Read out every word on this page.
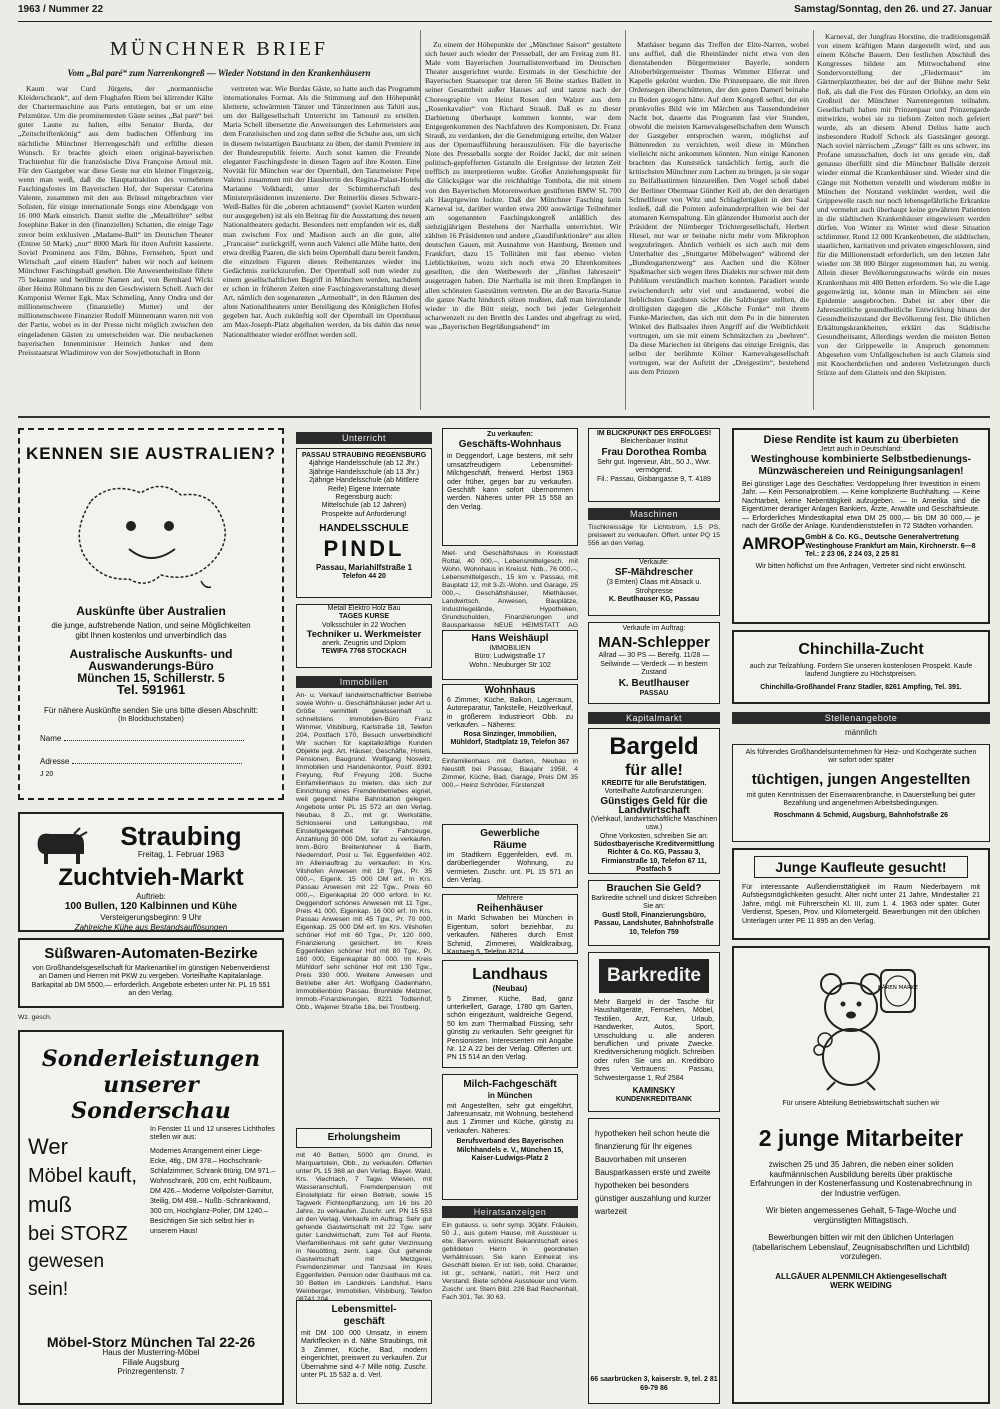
1963 / Nummer 22	Samstag/Sonntag, den 26. und 27. Januar
MÜNCHNER BRIEF
Vom „Bal paré“ zum Narrenkongreß — Wieder Notstand in den Krankenhäusern

Kaum war Curd Jürgens, der „normannische Kleiderschrank“, auf dem Flughafen Riem bei klirrender Kälte der Chartermaschine aus Paris entstiegen, bat er um eine Pelzmütze. Um die prominentesten Gäste seines „Bal paré“ bei guter Laune zu halten, eilte Senator Burda, der „Zeitschriftenkönig“ aus dem badischen Offenburg ins nächtliche Münchner Herrengeschäft und erfüllte diesen Wunsch. Er brachte gleich einen original-bayerischen Trachtenhut für die französische Diva Françoise Arnoul mit. Für den Gastgeber war diese Geste nur ein kleiner Fingerzeig, wenn man weiß, daß die Hauptattraktion des vornehmen Faschingsfestes im Bayerischen Hof, der Superstar Caterina Valente, zusammen mit den aus Brüssel mitgebrachten vier Solisten, für einige internationale Songs eine Abendgage von 16 000 Mark einstrich. Damit stellte die „Metallröhre“ selbst Josephine Baker in den (finanziellen) Schatten, die einige Tage zuvor beim exklusiven „Madame-Ball“ im Deutschen Theater (Entree 50 Mark) „nur“ 8000 Mark für ihren Auftritt kassierte. Soviel Prominenz aus Film, Bühne, Fernsehen, Sport und Wirtschaft „auf einem Haufen“ haben wir noch auf keinem Münchner Faschingsball gesehen. Die Anwesenheitsliste führte 75 bekannte und berühmte Namen auf, von Bernhard Wicki über Heinz Rühmann bis zu den Geschwistern Schell. Auch der Komponist Werner Egk, Max Schmeling, Anny Ondra und der millionenschwere (finanzielle) Mutter) und der millionenschwere Finanzier Rudolf Münnemann waren mit von der Partie, wobei es in der Presse nicht möglich zwischen den eingeladenen Gästen zu unterscheiden war. Die neubackenen bayerischen Innenminister Heinrich Junker und dem Preisstaatsrat Wladimirow von der Sowjetbotschaft in Bonn

vertreten war. Wie Burdas Gäste, so hatte auch das Programm internationales Format. Als die Stimmung auf den Höhepunkt kletterte, schwärmten Tänzer und Tänzerinnen aus Tahiti aus, um der Ballgesellschaft Unterricht im Tamouré zu erteilen. Maria Schell übersetzte die Anweisungen des Lehrmeisters aus dem Französischen und zog dann selbst die Schuhe aus, um sich in diesem twistartigen Bauchtanz zu üben, der damit Premiere in der Bundesrepublik feierte. Auch sonst kamen die Freunde eleganter Faschingsfeste in diesen Tagen auf ihre Kosten. Eine Novität für München war der Opernball, den Tanzmeister Pepe Valenci zusammen mit der Hausherrin des Regina-Palast-Hotels Marianne Volkhardt, unter der Schirmherrschaft des Ministerpräsidenten inszenierte. Der Reinerlös dieses Schwarz-Weiß-Balles für die „oberen achttausend“ (soviel Karten wurden nur ausgegeben) ist als ein Beitrag für die Ausstattung des neuen Nationaltheaters gedacht. Besonders nett empfanden wir es, daß man zwischen Fox und Madison auch an die gute, alte „Francaise“ zurückgriff, wenn auch Valenci alle Mühe hatte, den etwa dreißig Paaren, die sich beim Opernball dazu bereit fanden, die einzelnen Figuren dieses Reihentanzes wieder ins Gedächtnis zurückzurufen. Der Opernball soll nun wieder zu einem gesellschaftlichen Begriff in München werden, nachdem er schon in früheren Zeiten eine Faschingsveranstaltung dieser Art, nämlich den sogenannten „Armenball“, in den Räumen des alten Nationaltheaters unter Beteiligung des Königlichen Hofes gegeben hat. Auch zukünftig soll der Opernball im Opernhaus am Max-Joseph-Platz abgehalten werden, da bis dahin das neue Nationaltheater wieder eröffnet werden soll.

Zu einem der Höhepunkte der „Münchner Saison“ gestaltete sich heuer auch wieder der Presseball, der am Freitag zum 81. Male vom Bayerischen Journalistenverband im Deutschen Theater ausgerichtet wurde. Erstmals in der Geschichte der Bayerischen Staatsoper trat deren 56 Beine starkes Ballett in seiner Gesamtheit außer Hauses auf und tanzte nach der Choreographie von Heinz Rosen den Walzer aus dem „Rosenkavalier“ von Richard Strauß. Daß es zu dieser Darbietung überhaupt kommen konnte, war dem Entgegenkommen des Nachfahren des Komponisten, Dr. Franz Strauß, zu verdanken, der die Genehmigung erteilte, den Walzer aus der Opernaufführung herauszulösen. Für die bayerische Note des Presseballs sorgte der Roider Jackl, der mit seinen politisch-gepfefferten Gstanzln die Ereignisse der letzten Zeit trefflich zu interpretieren wußte. Großer Anziehungspunkt für die Glücksjäger war die reichhaltige Tombola, die mit einem von den Bayerischen Motorenwerken gestifteten BMW SL 700 als Hauptgewinn lockte. Daß der Münchner Fasching kein Karneval ist, darüber wurden etwa 200 auswärtige Teilnehmer am sogenannten Faschingskongreß anläßlich des siebzigjährigen Bestehens der Narrhalla unterrichtet. Wir zählten 16 Präsidenten und andere „Gaudifunktionäre“ aus allen deutschen Gauen, mit Ausnahme von Hamburg, Bremen und Frankfurt, dazu 15 Tollitäten mit fast ebenso vielen Lieblichkeiten, wozu sich noch etwa 20 Ehrenkomitees gesellten, die den Wettbewerb der „fünften Jahreszeit“ ausgetragen haben. Die Narrhalla ist mit ihren Empfängen in allen schönsten Gaststätten vertreten. Die an der Bavaria-Statue die ganze Nacht hindurch sitzen mußten, daß man hierzulande wieder in die Bütt steigt, noch bei jeder Gelegenheit scharwenzelt zu den Brettln des Landes und abgefragt zu wird, was „Bayerischen Begrüßungsabend“ im

Mathäser begann das Treffen der Elite-Narren, wobei uns auffiel, daß die Rheinländer nicht etwa von den dienstabenden Bürgermeister Bayerle, sondern Altoberbürgermeister Thomas Wimmer Elferrat und Kapelle gekrönt wurden. Die Prinzenpaare, die mit ihren Ordensegen überschütteten, der den guten Damerl beinahe zu Boden gezogen hätte. Auf dem Kongreß selbst, der ein prunkvolles Bild wie im Märchen aus Tausendundeiner Nacht bot, dauerte das Programm fast vier Stunden, obwohl die meisten Karnevalsgesellschaften dem Wunsch der Gastgeber entsprochen waren, möglichst auf Büttenreden zu verzichten, weil diese in München vielleicht nicht ankommen könnten. Nun einige Kanonen brachten das Kunststück tatsächlich fertig, auch die kritischsten Münchner zum Lachen zu bringen, ja sie sogar zu Beifallsstürmen hinzureißen. Den Vogel schoß dabei der Berliner Obermaar Günther Keil ab, der den derartigen Schnellfeuer von Witz und Schlagfertigkeit in den Saal losließ, daß die Pointen aufeinanderprallten wie bei der atomaren Kernspaltung. Ein glänzender Humorist auch der Präsident der Nürnberger Trichtergesellschaft, Herbert Hiesel, nur war er beinahe nicht mehr vom Mikrophon wegzubringen. Ähnlich verhielt es sich auch mit dem Unterhalter des „Stuttgarter Möbelwagen“ während der „Bundesgartenzwerg“ aus Aachen und die Kölner Spaßmacher sich wegen ihres Dialekts nur schwer mit dem Publikum verständlich machen konnten. Paradiert wurde zwischendurch sehr viel und ausdauernd, wobei die lieblichsten Gardisten sicher die Salzburger stellten, die drolligsten dagegen die „Kölsche Funke“ mit ihrem Funke-Mariechen, das sich mit dem Po in die hintersten Winkel des Ballsaales ihren Angriff auf die Weiblichkeit vortrugen, um sie mit einem Schmätzchen zu „beehren“. Da diese Mariechen ist übrigens das einzige Ereignis, das selbst der berühmte Kölner Karnevalsgesellschaft vortrugen, war der Auftritt der „Dreigestirn“, bestehend aus dem Prinzen

Karneval, der Jungfrau Horstine, die traditionsgemäß von einem kräftigen Mann dargestellt wird, und aus einem Kölsche Bauern. Den festlichen Abschluß des Kongresses bildete am Mittwochabend eine Sondervorstellung der „Fledermaus“ im Gärtnerplatztheater, bei der auf der Bühne mehr Sekt floß, als daß die Fest des Fürsten Orlofsky, an dem ein Großteil der Münchner Narrenregenten teilnahm. Gesellschaft halten mit Prinzenpaar und Prinzengarde mitwirkte, wobei sie zu tiefsten Zeiten noch gefeiert wurde, als an diesem Abend Delius hatte auch insbesondere Rudolf Schock als Gastsänger gesorgt. Nach soviel närrischem „Zeugs“ fällt es uns schwer, ins Profane umzuschalten, doch ist uns gerade ein, daß genauso überfüllt sind die Münchner Ballsäle derzeit wieder einmal die Krankenhäuser sind. Wieder sind die Gänge mit Notbetten verstellt und wiederum müßte in München der Notstand verkündet werden, weil die Grippewelle rasch nur noch lebensgefährliche Erkrankte und vermehrt auch überhaupt keine gewährten Patienten in die städtischen Krankenhäuser eingewiesen werden dürfen. Von Winter zu Winter wird diese Situation schlimmer. Rund 12 000 Krankenbetten, die städtischen, staatlichen, karitativen und privaten eingeschlossen, sind für die Millionenstadt erforderlich, um den letzten Jahr wieder um 38 000 Bürger zugenommen hat, zu wenig. Allein dieser Bevölkerungszuwachs würde ein neues Krankenhaus mit 400 Betten erfordern. So wie die Lage gegenwärtig ist, könnte man in München sei eine Epidemie ausgebrochen. Dabei ist aber über die Jahreszeitliche gesundheitliche Entwicklung hinaus der Gesundheitszustand der Bevölkerung fest. Die üblichen Erkältungskrankheiten, erklärt das Städtische Gesundheitsamt, Allerdings werden die meisten Betten von der Grippewelle in Anspruch genommen: Abgesehen vom Unfallgeschehen ist auch Glatteis sind mit Knochenbrüchen und anderen Verletzungen durch Stürze auf dem Glatteis und den Skipisten.

KENNEN SIE AUSTRALIEN?
Auskünfte über Australien
die junge, aufstrebende Nation, und seine Möglichkeiten
gibt Ihnen kostenlos und unverbindlich das
Australische Auskunfts- und
Auswanderungs-Büro
München 15, Schillerstr. 5
Tel. 591961
Für nähere Auskünfte senden Sie uns bitte diesen Abschnitt:
(In Blockbuchstaben)
Name
Adresse
J 20
Straubing
Freitag, 1. Februar 1963
Zuchtvieh-Markt
Auftrieb:
100 Bullen, 120 Kalbinnen und Kühe
Versteigerungsbeginn: 9 Uhr
Zahlreiche Kühe aus Bestandsauflösungen
Süßwaren-Automaten-Bezirke
von Großhandelsgesellschaft für Markenartikel im günstigen Nebenverdienst an Damen und Herren mit PKW zu vergeben. Vorteilhafte Kapitalanlage. Barkapital ab DM 5500,— erforderlich. Angebote erbeten unter Nr. PL 15 551 an den Verlag.
Wz. gesch.
Sonderleistungen
unserer Sonderschau
Wer
Möbel kauft,
muß
bei STORZ
gewesen sein!
In Fenster 11 und 12 unseres Lichthofes stellen wir aus:
Modernes Arrangement einer Liege-Ecke, 4tlg., DM 378.– Hochschrank-Schlafzimmer, Schrank 6türig, DM 971.– Wohnschrank, 200 cm, echt Nußbaum, DM 426.– Moderne Vollpolster-Garnitur, 3teilig, DM 498.– Nußb.-Schrankwand, 300 cm, Hochglanz-Polier, DM 1240.– Besichtigen Sie sich selbst hier in unserem Haus!
Möbel-Storz München Tal 22-26
Haus der Musterring-Möbel
Filiale Augsburg
Prinzregentenstr. 7
Unterricht
PASSAU STRAUBING REGENSBURG
4jährige Handelsschule (ab 12 Jhr.) 3jährige Handelsschule (ab 13 Jhr.) 2jährige Handelsschule (ab Mittlere Reife) Eigene Internate
Regensburg auch:
Mittelschule (ab 12 Jahren)
Prospekte auf Anforderung!
HANDELSSCHULE
PINDL
Passau, Mariahilfstraße 1
Telefon 44 20
Metall Elektro Holz Bau
TAGES KURSE
Volksschüler in 22 Wochen
Techniker u. Werkmeister
anerk. Zeugnis und Diplom
TEWIFA 7768 STOCKACH
Immobilien
An- u. Verkauf landwirtschaftlicher Betriebe sowie Wohn- u. Geschäftshäuser jeder Art u. Größe vermittelt gewissenhaft u. schnellstens Immobilien-Büro Franz Wimmer, Vilsbiburg, Karlstraße 18, Telefon 204, Postfach 170, Besuch unverbindlich! Wir suchen für kapitalkräftige Kunden Objekte jegl. Art, Häuser, Geschäfte, Hotels, Pensionen, Baugrund. Wolfgang Noswitz, Immobilien und Handelskontor, Postf. 8391 Freyung, Ruf Freyung 208. Suche Einfamilienhaus zu mieten, das sich zur Einrichtung eines Fremdenbetriebes eignet, weil gegend. Nähe Bahnstation gelegen. Angebote unter PL 15 572 an den Verlag. Neubau, 8 Zi., mit gr. Werkstätte, Schlosserei und Leitungsbau, mit Einstellgelegenheit für Fahrzeuge, Anzahlung 30 000 DM, sofort zu verkaufen. Imm.-Büro Breitenlohner & Barth, Niederndorf, Post u. Tel. Eggenfelden 402. Im Alleinauftrag zu verkaufen: In Krs. Vilshofen Anwesen mit 18 Tgw., Pr. 35 000,–, Eigenk. 15 000 DM erf. In Krs. Passau Anwesen mit 22 Tgw., Preis 60 000,–, Eigenkapital 20 000 erford. In Kr. Deggendorf schönes Anwesen mit 11 Tgw., Preis 41 000, Eigenkap. 16 000 erf. Im Krs. Passau Anwesen mit 45 Tgw., Pr. 70 000, Eigenkap. 25 000 DM erf. Im Krs. Vilshofen schöner Hof mit 60 Tgw., Pr. 120 000, Finanzierung gesichert. Im Kreis Eggenfelden schöner Hof mit 80 Tgw., Pr. 160 000, Eigenkapital 80 000. Im Kreis Mühldorf sehr schöner Hof mit 130 Tgw., Preis 330 000. Weitere Anwesen und Betriebe aller Art. Wolfgang Gadenhahn, Immobilienbüro Passau. Brunhilde Metzner, Immob.-Finanzierungen, 8221 Todtenhof, Obb., Wajener Straße 18a, bei Trostberg.
Erholungsheim
mit 40 Betten, 5000 qm Grund, in Marquartstein, Obb., zu verkaufen. Offerten unter PL 15 368 an den Verlag. Bayer. Wald, Krs. Viechtach, 7 Tagw. Wiesen, mit Wasseranschluß, Fremdenpension mit Einstellplatz für einen Betrieb, sowie 15 Tagwerk Fichtenpflanzung, um 16 bis 20 Jahre, zu verkaufen. Zuschr. unt. PN 15 553 an den Verlag. Verkaufe im Auftrag: Sehr gut gehende Gastwirtschaft mit 22 Tgw. sehr guter Landwirtschaft, zum Teil auf Rente. Vierfamilienhaus mit sehr guter Verzinsung in Neuötting, zentr. Lage. Gut gehende Gastwirtschaft mit Metzgerei, Fremdenzimmer und Tanzsaal im Kreis Eggenfelden. Pension oder Gasthaus mit ca. 30 Betten im Landkreis Landshut. Hans Weinberger, Immobilien, Vilsbiburg, Telefon
Lebensmittel-
geschäft
mit DM 100 000 Umsatz, in einem Marktflecken in d. Nähe Straubings, mit 3 Zimmer, Küche, Bad, modern eingerichtet, preiswert zu verkaufen. Zur Übernahme sind 4-7 Mille nötig. Zuschr. unter PL 15 532 a. d. Verl.
Zu verkaufen:
Geschäfts-Wohnhaus
in Deggendorf, Lage bestens, mit sehr umsatzfreudigem Lebensmittel-Milchgeschäft, freiwerd. Herbst 1963 oder früher, gegen bar zu verkaufen. Geschäft kann sofort übernommen werden. Näheres unter PR 15 558 an den Verlag.
Miet- und Geschäftshaus in Kreisstadt Rottal, 40 000,–, Lebensmittelgesch. mit Wohn. Wohnhaus in Kreisst. Ndb., 76 000,–, Lebensmittelgesch., 15 km v. Passau, mit Bauplatz 12, mit 3-Zi.-Wohn. und Garage, 25 000,–, Geschäftshäuser, Miethäuser, Landwirtsch. Anwesen, Bauplätze, Industriegelände, Hypotheken, Grundschulden, Finanzierungen und Bausparkasse NEUE HEIMSTATT AG
Hans Weishäupl
IMMOBILIEN
Büro: Ludwigstraße 17
Wohn.: Neuburger Str 102
Wohnhaus
6 Zimmer, Küche, Balkon, Lagerraum, Autoreparatur, Tankstelle, Heizölverkauf, in größerem Industrieort Obb. zu verkaufen. – Näheres:
Rosa Sinzinger, Immobilien, Mühldorf, Stadtplatz 19, Telefon 367
Einfamilienhaus mit Garten, Neubau in Neustift bei Passau, Baujahr 1958, 4 Zimmer, Küche, Bad, Garage, Preis DM 35 000,– Heinz Schröder, Fürstenzell
Gewerbliche
Räume
im Stadtkern Eggenfelden, evtl. m. darüberliegender Wohnung, zu vermieten. Zuschr. unt. PL 15 571 an den Verlag.
Mehrere
Reihenhäuser
in Markt Schwaben bei München in Eigentum, sofort beziehbar, zu verkaufen. Näheres durch Ernst Schmid, Zimmerei, Waldkraiburg, Kantweg 5, Telefon 8214.
Landhaus
(Neubau)
5 Zimmer, Küche, Bad, ganz unterkellert, Garage, 1780 qm Garten, schön eingezäunt, waldreiche Gegend, 50 km zum Thermalbad Füssing, sehr günstig zu verkaufen. Sehr geeignet für Pensionisten. Interessenten mit Angabe Nr. 12 A 22 bei der Verlag. Offerten unt. PN 15 514 an den Verlag.
Milch-Fachgeschäft
in München
mit Angestellten, sehr gut eingeführt, Jahresumsatz, mit Wohnung, bestehend aus 1 Zimmer und Küche, günstig zu verkaufen. Näheres:
Berufsverband des Bayerischen Milchhandels e. V., München 15, Kaiser-Ludwigs-Platz 2
Heiratsanzeigen
Ein gutauss. u. sehr symp. 30jähr. Fräulein, 50 J., aus gutem Hause, mit Aussteuer u. etw. Barverm. wünscht Bekanntschaft eines gebildeten Herrn in geordneten Verhältnissen. Sie kann Einheirat ins Geschäft bieten. Er ist: lieb, solid. Charakter, ist gr., schlank, natürl., mit Herz und Verstand. Biete schöne Aussteuer und Verm. Zuschr. unt. Stern Bild. 226 Bad Reichenhall, Fach 301, Tel. 30 63.
IM BLICKPUNKT DES ERFOLGES!
Bleichenbauer Institut
Frau Dorothea Romba
Sehr gut. Ingenieur, Abt., 50 J., Wwr. vermögend.
Fil.: Passau, Gisbangasse 9, T. 4189
Maschinen
Tischkreissäge für Lichtstrom, 1,5 PS, preiswert zu verkaufen. Offert. unter PQ 15 556 an den Verlag.
Verkaufe:
SF-Mähdrescher
(3 Ernten) Claas mit Absack u. Strohpresse
K. Beutlhauser KG, Passau
Verkaufe im Auftrag:
MAN-Schlepper
Allrad — 30 PS — Bereifg. 11/28 — Seilwinde — Verdeck — in bestem Zustand
K. Beutlhauser
PASSAU
Kapitalmarkt
Bargeld
für alle!
KREDITE für alle Berufstätigen.
Vorteilhafte Autofinanzierungen.
Günstiges Geld für die Landwirtschaft
(Viehkauf, landwirtschaftliche Maschinen usw.)
Ohne Vorkosten, schreiben Sie an:
Südostbayerische Kreditvermittlung Richter & Co. KG, Passau 3, Firmianstraße 10, Telefon 67 11, Postfach 5
Brauchen Sie Geld?
Barkredite schnell und diskret Schreiben Sie an:
Gustl Stoll, Finanzierungsbüro, Passau, Landshuter, Bahnhofstraße 10, Telefon 759
Barkredite
Mehr Bargeld in der Tasche für Haushaltgeräte, Fernsehen, Möbel, Textilien, Arzt, Kur, Urlaub, Handwerker, Autos, Sport, Umschuldung u. alle anderen beruflichen und private Zwecke. Kreditversicherung möglich. Schreiben oder rufen Sie uns an. Kreditbüro Ihres Vertrauens: Passau, Schwestergasse 1, Ruf 2584
KAMINSKY
KUNDENKREDITBANK
hypotheken heil schon heute die finanzierung für Ihr eigenes Bauvorhaben mit unseren Bausparkassen erste und zweite hypotheken bei besonders günstiger auszahlung und kurzer wartezeit
66 saarbrücken 3, kaiserstr. 9, tel. 2 81 69-79 86
Diese Rendite ist kaum zu überbieten
Jetzt auch in Deutschland:
Westinghouse kombinierte Selbstbedienungs-Münzwäschereien und Reinigungsanlagen!
Bei günstiger Lage des Geschäftes: Verdoppelung Ihrer Investition in einem Jahr. — Kein Personalproblem. — Keine komplizierte Buchhaltung. — Keine Nachtarbeit, keine Nebentätigkeit aufzugeben. — In Amerika sind die Eigentümer derartiger Anlagen Bankiers, Ärzte, Anwälte und Geschäftsleute. — Erforderliches Mindestkapital etwa DM 25 000,— bis DM 30 000,— je nach der Größe der Anlage. Kundendienststellen in 72 Städten vorhanden.
AMROP GmbH & Co. KG., Deutsche Generalvertretung Westinghouse Frankfurt am Main, Kirchnerstr. 6—8
Tel.: 2 23 06, 2 24 03, 2 25 81
Wir bitten höflichst um Ihre Anfragen, Vertreter sind nicht erwünscht.
Chinchilla-Zucht
auch zur Teilzahlung. Fordern Sie unseren kostenlosen Prospekt. Kaufe laufend Jungtiere zu Höchstpreisen.
Chinchilla-Großhandel Franz Stadler, 8261 Ampfing, Tel. 391.
Stellenangebote
männlich
Als führendes Großhandelsunternehmen für Heiz- und Kochgeräte suchen wir sofort oder später
tüchtigen, jungen Angestellten
mit guten Kenntnissen der Eisenwarenbranche, in Dauerstellung bei guter Bezahlung und angenehmen Arbeitsbedingungen.
Roschmann & Schmid, Augsburg, Bahnhofstraße 26
Junge Kaufleute gesucht!
Für interessante Außendiensttätigkeit im Raum Niederbayern mit Aufstiegsmöglichkeiten gesucht. Alter nicht unter 21 Jahre, Mindestalter 21 Jahre, mögl. mit Führerschein Kl. III, zum 1. 4. 1963 oder später. Guter Verdienst, Spesen, Prov. und Kilometergeld. Bewerbungen mit den üblichen Unterlagen unter PE 11 895 an den Verlag.
BÄREN MARKE
Für unsere Abteilung Betriebswirtschaft suchen wir
2 junge Mitarbeiter
zwischen 25 und 35 Jahren, die neben einer soliden kaufmännischen Ausbildung bereits über praktische Erfahrungen in der Kostenerfassung und Kostenabrechnung in der Industrie verfügen.
Wir bieten angemessenes Gehalt, 5-Tage-Woche und vergünstigten Mittagstisch.
Bewerbungen bitten wir mit den üblichen Unterlagen (tabellarischem Lebenslauf, Zeugnisabschriften und Lichtbild) vorzulegen.
ALLGÄUER ALPENMILCH Aktiengesellschaft
WERK WEIDING
